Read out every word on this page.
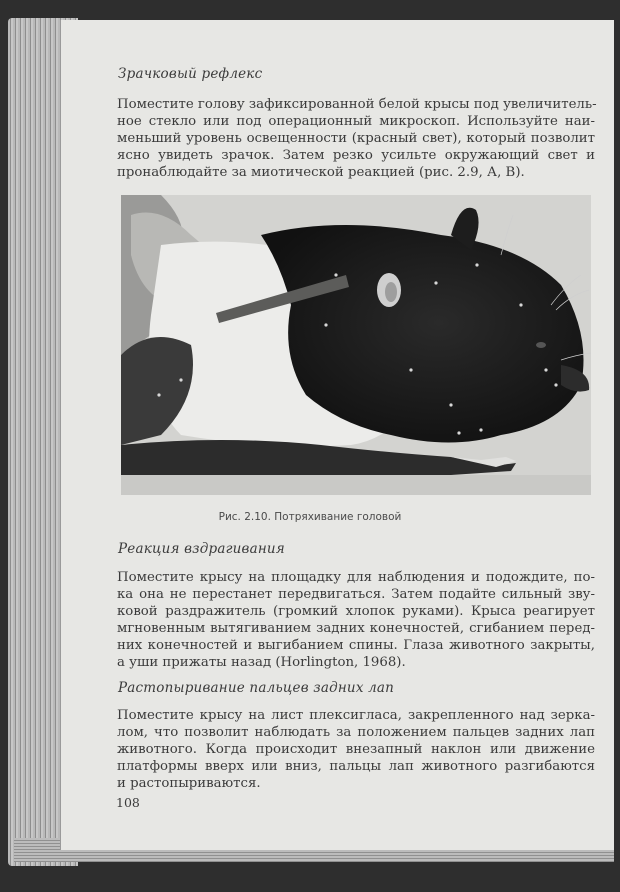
Зрачковый рефлекс
Поместите голову зафиксированной белой крысы под увеличитель-
ное стекло или под операционный микроскоп. Используйте наи-
меньший уровень освещенности (красный свет), который позволит
ясно увидеть зрачок. Затем резко усильте окружающий свет и
пронаблюдайте за миотической реакцией (рис. 2.9, А, В).
Рис. 2.10. Потряхивание головой
Реакция вздрагивания
Поместите крысу на площадку для наблюдения и подождите, по-
ка она не перестанет передвигаться. Затем подайте сильный зву-
ковой раздражитель (громкий хлопок руками). Крыса реагирует
мгновенным вытягиванием задних конечностей, сгибанием перед-
них конечностей и выгибанием спины. Глаза животного закрыты,
а уши прижаты назад (Horlington, 1968).
Растопыривание пальцев задних лап
Поместите крысу на лист плексигласа, закрепленного над зерка-
лом, что позволит наблюдать за положением пальцев задних лап
животного. Когда происходит внезапный наклон или движение
платформы вверх или вниз, пальцы лап животного разгибаются
и растопыриваются.
108
